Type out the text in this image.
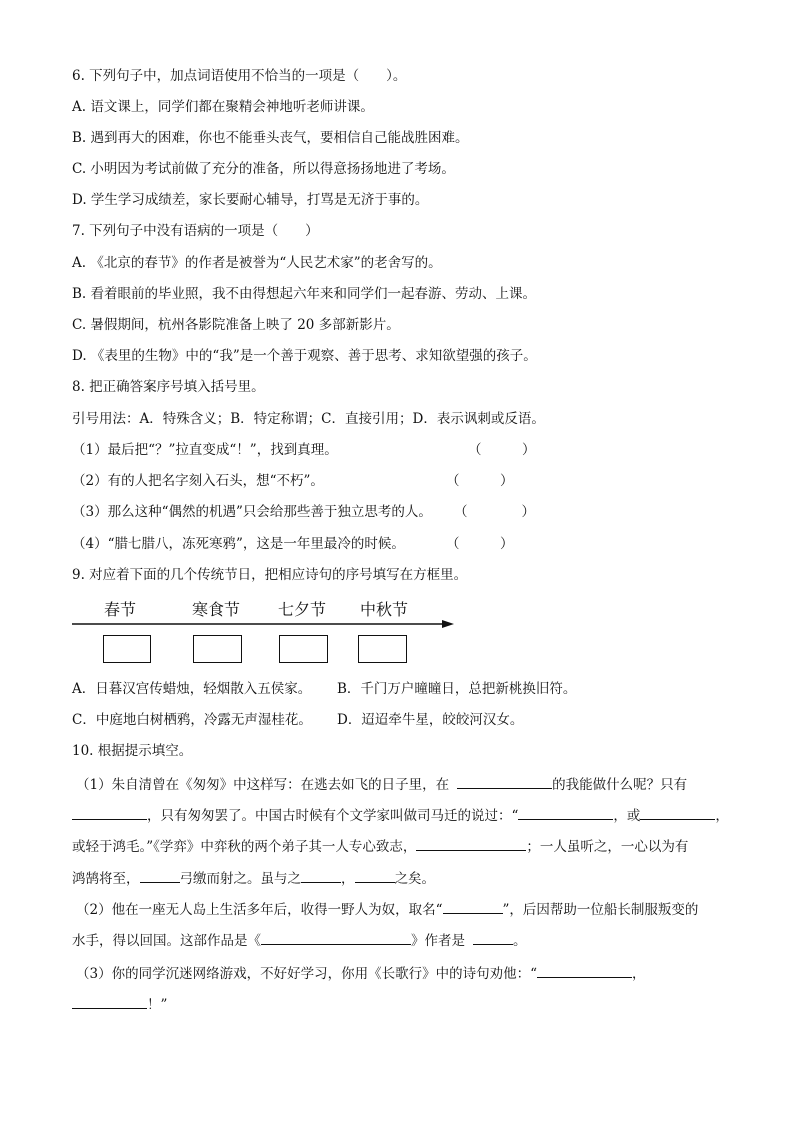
6. 下列句子中，加点词语使用不恰当的一项是（　　）。
A. 语文课上，同学们都在聚精会神地听老师讲课。
B. 遇到再大的困难，你也不能垂头丧气，要相信自己能战胜困难。
C. 小明因为考试前做了充分的准备，所以得意扬扬地进了考场。
D. 学生学习成绩差，家长要耐心辅导，打骂是无济于事的。
7. 下列句子中没有语病的一项是（　　）
A. 《北京的春节》的作者是被誉为“人民艺术家”的老舍写的。
B. 看着眼前的毕业照，我不由得想起六年来和同学们一起春游、劳动、上课。
C. 暑假期间，杭州各影院准备上映了 20 多部新影片。
D. 《表里的生物》中的“我”是一个善于观察、善于思考、求知欲望强的孩子。
8. 把正确答案序号填入括号里。
引号用法：A．特殊含义；B．特定称谓；C．直接引用；D．表示讽刺或反语。
（1）最后把“？”拉直变成“！”，找到真理。	（　　　）
（2）有的人把名字刻入石头，想“不朽”。	（　　　）
（3）那么这种“偶然的机遇”只会给那些善于独立思考的人。	（　　　　）
（4）“腊七腊八，冻死寒鸦”，这是一年里最冷的时候。	（　　　）
9. 对应着下面的几个传统节日，把相应诗句的序号填写在方框里。
春节	寒食节 七夕节 中秋节
A．日暮汉宫传蜡烛，轻烟散入五侯家。	B．千门万户曈曈日，总把新桃换旧符。
C．中庭地白树栖鸦，冷露无声湿桂花。	D．迢迢牵牛星，皎皎河汉女。
10. 根据提示填空。
（1）朱自清曾在《匆匆》中这样写：在逃去如飞的日子里，在	的我能做什么呢？只有
，只有匆匆罢了。中国古时候有个文学家叫做司马迁的说过：“	，或	，
或轻于鸿毛。”《学弈》中弈秋的两个弟子其一人专心致志，	；一人虽听之，一心以为有
鸿鹄将至，	弓缴而射之。虽与之	，	之矣。
（2）他在一座无人岛上生活多年后，收得一野人为奴，取名“	”，后因帮助一位船长制服叛变的
水手，得以回国。这部作品是《	》作者是	。
（3）你的同学沉迷网络游戏，不好好学习，你用《长歌行》中的诗句劝他：“	，
！”
